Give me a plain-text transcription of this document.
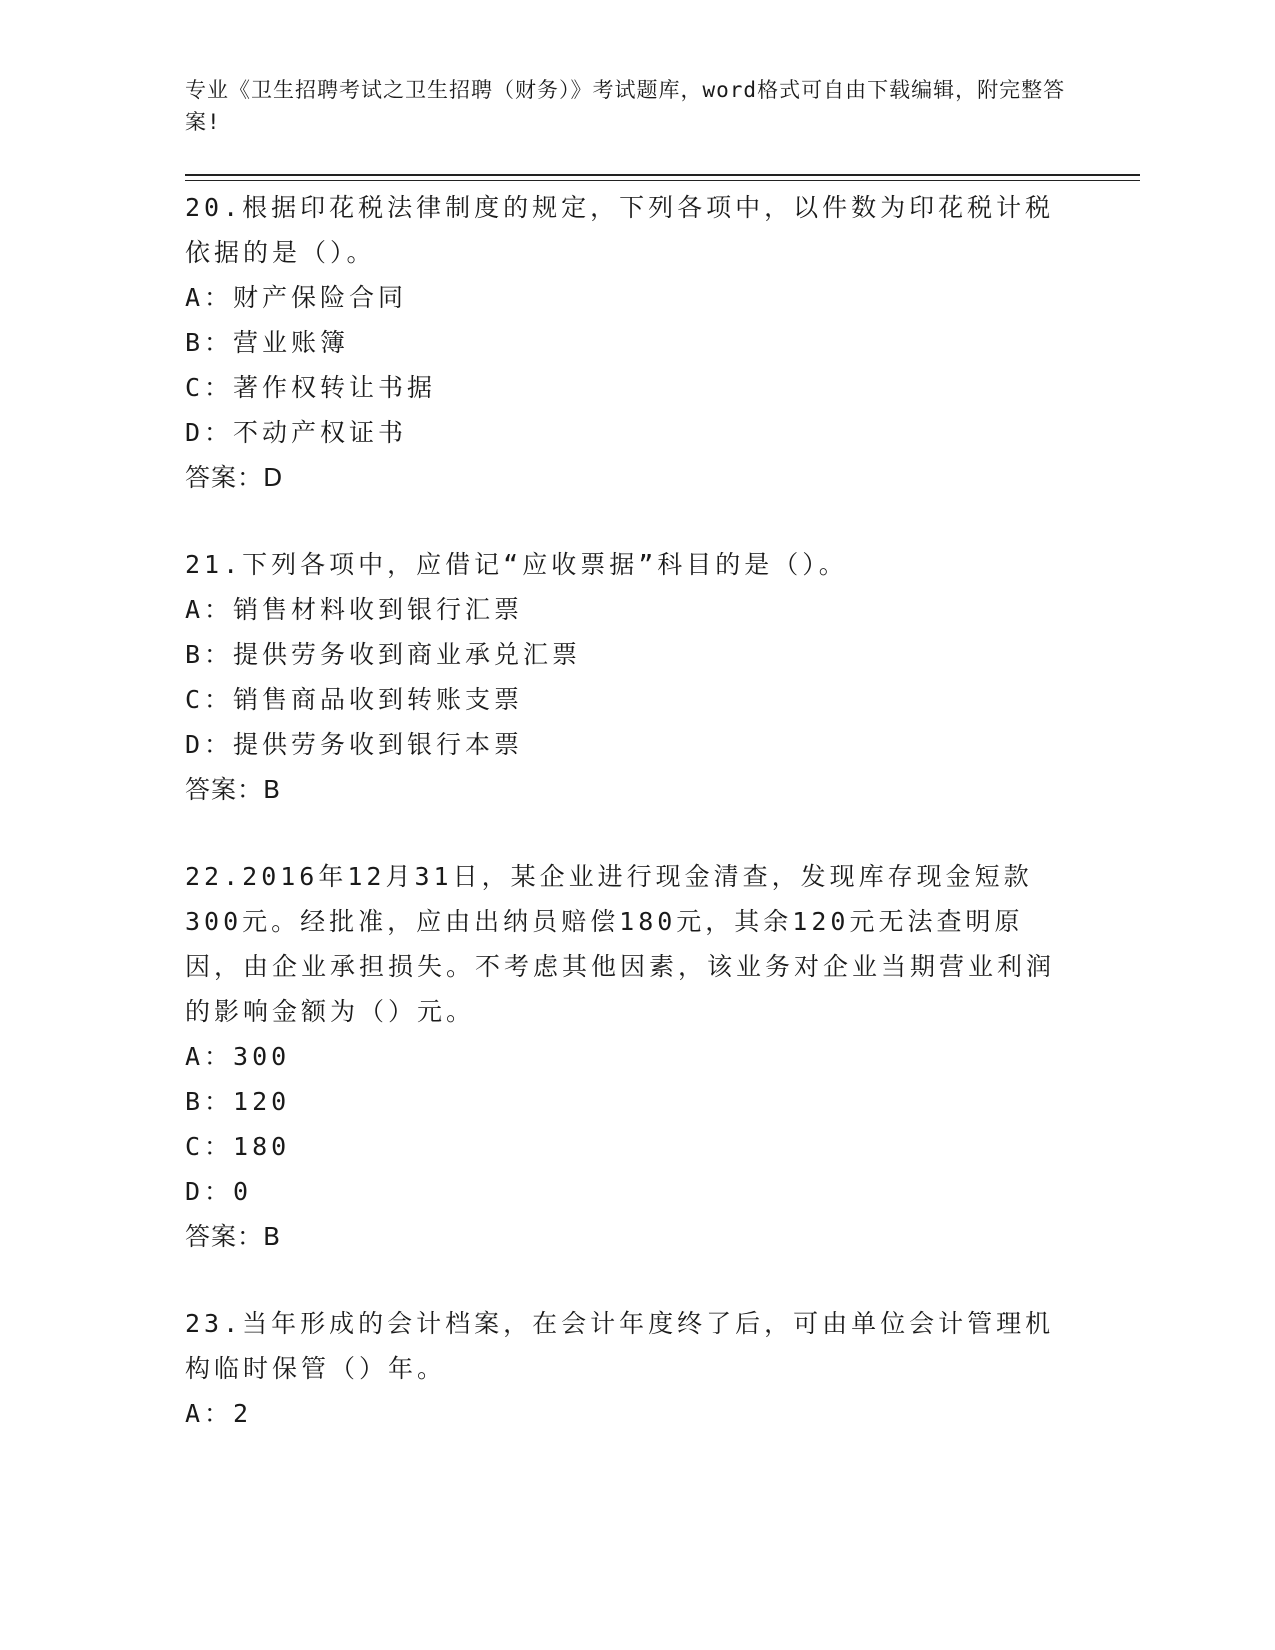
专业《卫生招聘考试之卫生招聘（财务）》考试题库，word格式可自由下载编辑，附完整答案!

20.根据印花税法律制度的规定，下列各项中，以件数为印花税计税依据的是（）。

A：财产保险合同

B：营业账簿

C：著作权转让书据

D：不动产权证书

答案：D

21.下列各项中，应借记“应收票据”科目的是（）。

A：销售材料收到银行汇票

B：提供劳务收到商业承兑汇票

C：销售商品收到转账支票

D：提供劳务收到银行本票

答案：B

22.2016年12月31日，某企业进行现金清查，发现库存现金短款300元。经批准，应由出纳员赔偿180元，其余120元无法查明原因，由企业承担损失。不考虑其他因素，该业务对企业当期营业利润的影响金额为（）元。

A：300

B：120

C：180

D：0

答案：B

23.当年形成的会计档案，在会计年度终了后，可由单位会计管理机构临时保管（）年。

A：2
